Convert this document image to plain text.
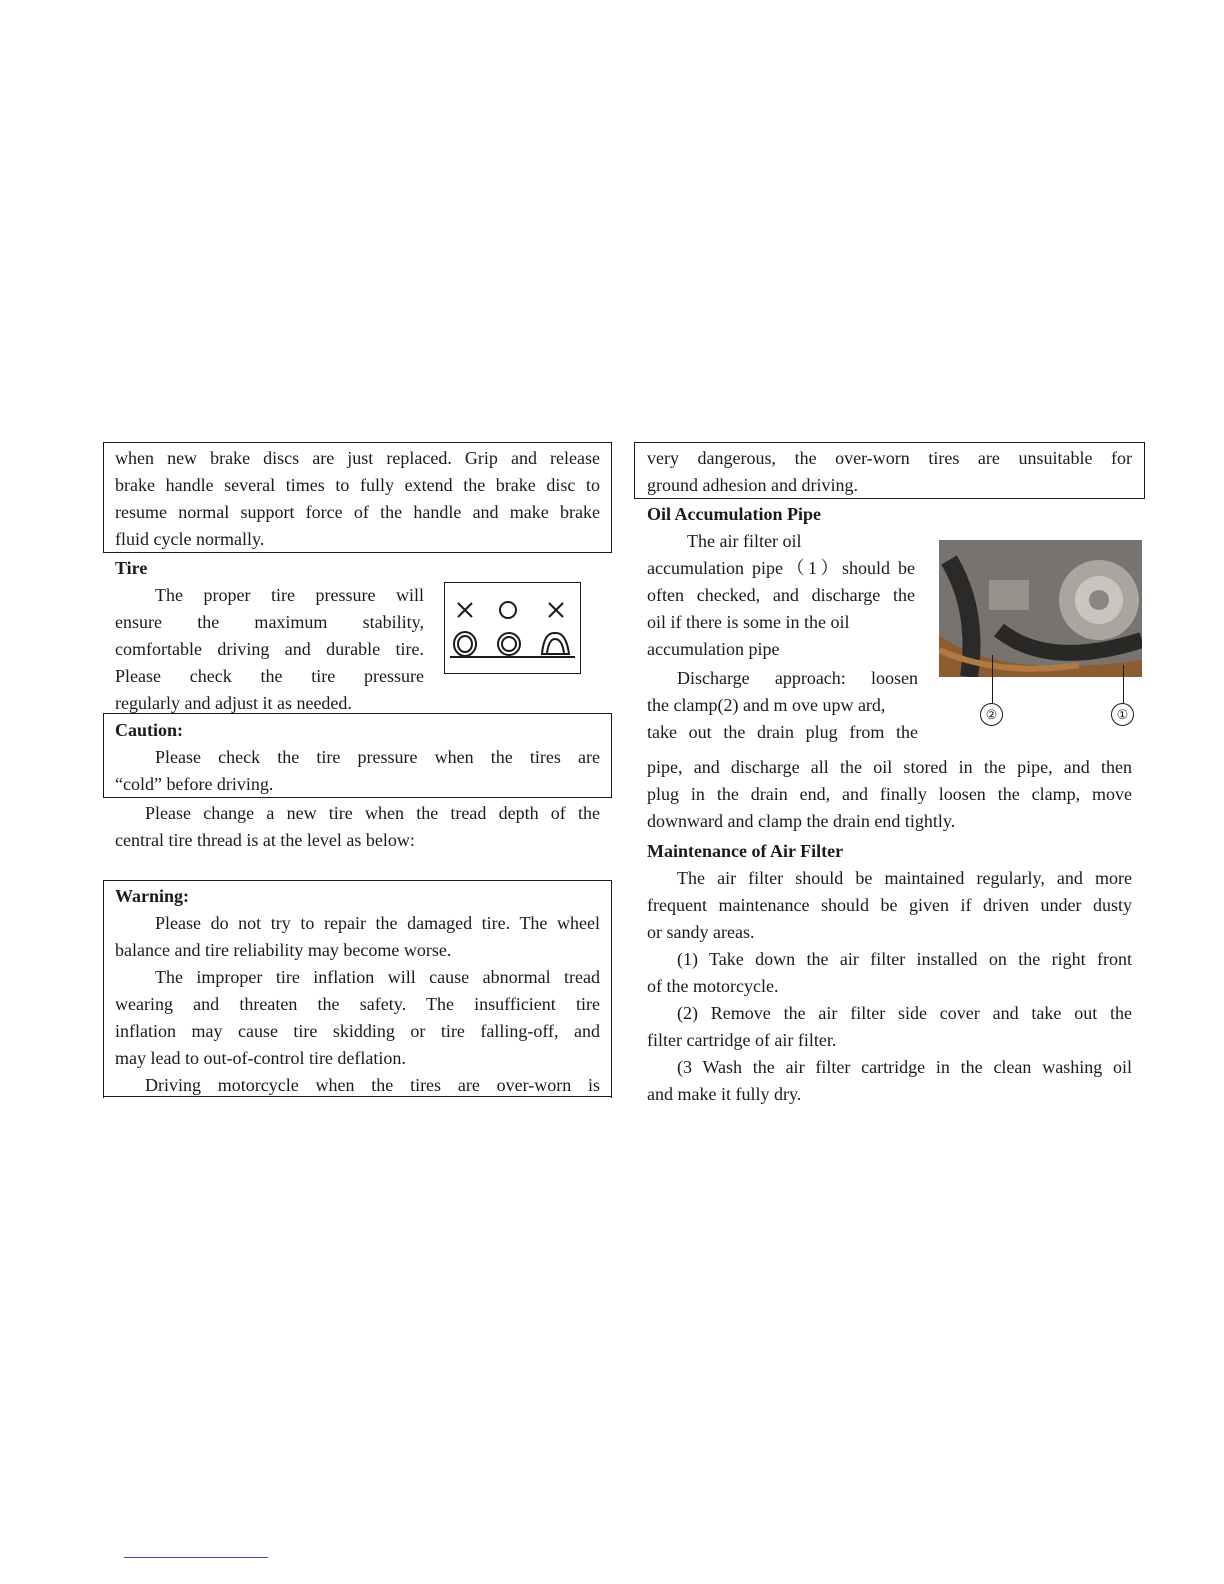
when new brake discs are just replaced. Grip and release
brake handle several times to fully extend the brake disc to
resume normal support force of the handle and make brake
fluid cycle normally.
Tire
The proper tire pressure will
ensure the maximum stability,
comfortable driving and durable tire.
Please check the tire pressure
regularly and adjust it as needed.
Caution:
Please check the tire pressure when the tires are
“cold” before driving.
Please change a new tire when the tread depth of the
central tire thread is at the level as below:
Warning:
Please do not try to repair the damaged tire. The wheel
balance and tire reliability may become worse.
The improper tire inflation will cause abnormal tread
wearing and threaten the safety. The insufficient tire
inflation may cause tire skidding or tire falling-off, and
may lead to out-of-control tire deflation.
Driving motorcycle when the tires are over-worn is
very dangerous, the over-worn tires are unsuitable for
ground adhesion and driving.
Oil Accumulation Pipe
The air filter oil
accumulation pipe（1）should be
often checked, and discharge the
oil if there is some in the oil
accumulation pipe
Discharge approach: loosen
the clamp(2) and m ove upw ard,
take out the drain plug from the
pipe, and discharge all the oil stored in the pipe, and then
plug in the drain end, and finally loosen the clamp, move
downward and clamp the drain end tightly.
②	①
Maintenance of Air Filter
The air filter should be maintained regularly, and more
frequent maintenance should be given if driven under dusty
or sandy areas.
(1) Take down the air filter installed on the right front
of the motorcycle.
(2) Remove the air filter side cover and take out the
filter cartridge of air filter.
(3 Wash the air filter cartridge in the clean washing oil
and make it fully dry.
